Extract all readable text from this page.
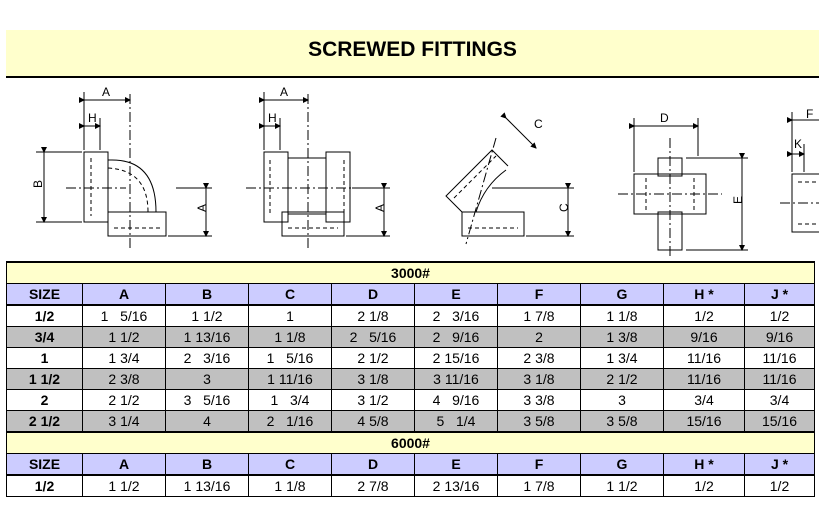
SCREWED FITTINGS
A
H
B
A
A
H
A
C
C
D
E
F
K
3000#									
SIZE	A	B	C	D	E	F	G	H *	J *
1/2	1   5/16	1 1/2	1	2 1/8	2   3/16	1 7/8	1 1/8	1/2	1/2
3/4	1 1/2	1 13/16	1 1/8	2   5/16	2   9/16	2	1 3/8	9/16	9/16
1	1 3/4	2   3/16	1   5/16	2 1/2	2 15/16	2 3/8	1 3/4	11/16	11/16
1 1/2	2 3/8	3	1 11/16	3 1/8	3 11/16	3 1/8	2 1/2	11/16	11/16
2	2 1/2	3   5/16	1   3/4	3 1/2	4   9/16	3 3/8	3	3/4	3/4
2 1/2	3 1/4	4	2   1/16	4 5/8	5   1/4	3 5/8	3 5/8	15/16	15/16
6000#									
SIZE	A	B	C	D	E	F	G	H *	J *
1/2	1 1/2	1 13/16	1 1/8	2 7/8	2 13/16	1 7/8	1 1/2	1/2	1/2
